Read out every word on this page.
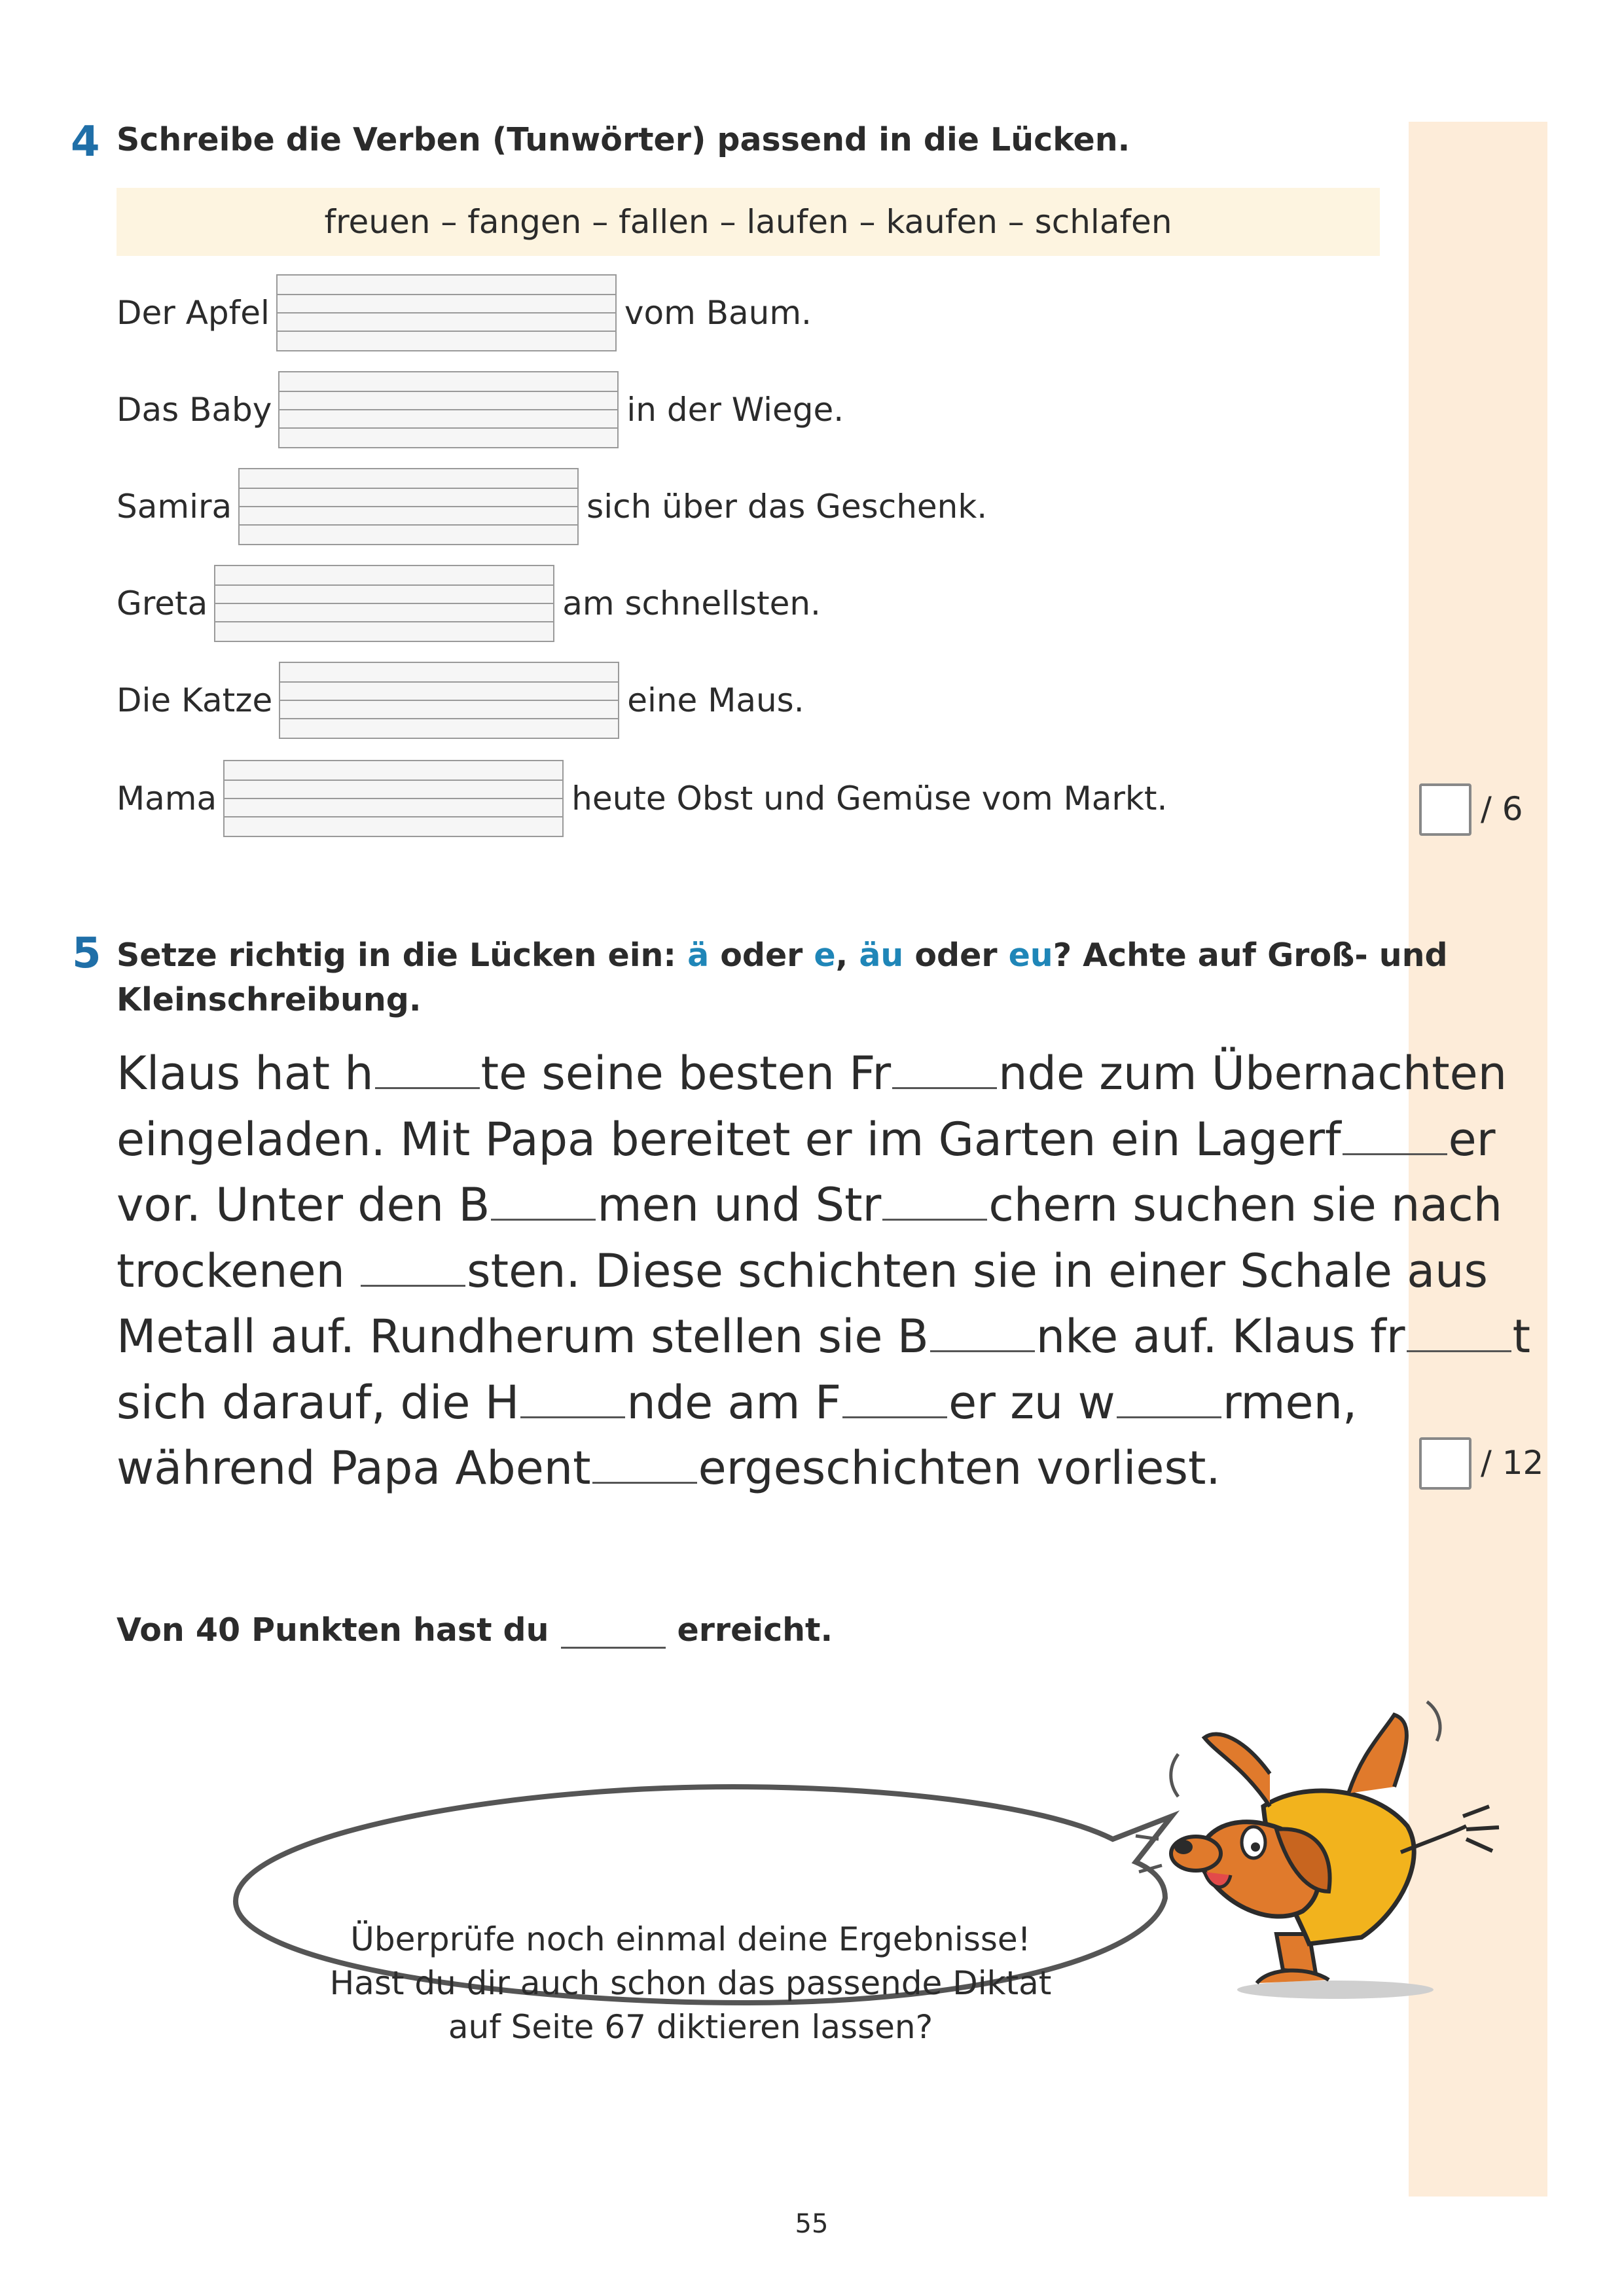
4 Schreibe die Verben (Tunwörter) passend in die Lücken.
freuen – fangen – fallen – laufen – kaufen – schlafen
Der Apfel	vom Baum.
Das Baby	in der Wiege.
Samira	sich über das Geschenk.
Greta	am schnellsten.
Die Katze	eine Maus.
Mama	heute Obst und Gemüse vom Markt.	/ 6
5 Setze richtig in die Lücken ein: ä oder e, äu oder eu? Achte auf Groß- und
Kleinschreibung.
Klaus hat h te seine besten Fr nde zum Übernachten
eingeladen. Mit Papa bereitet er im Garten ein Lagerf er
vor. Unter den B men und Str chern suchen sie nach
trockenen sten. Diese schichten sie in einer Schale aus
Metall auf. Rundherum stellen sie B nke auf. Klaus fr t
sich darauf, die H nde am F er zu w rmen,
während Papa Abent ergeschichten vorliest.	/ 12
Von 40 Punkten hast du	erreicht.
Überprüfe noch einmal deine Ergebnisse!
Hast du dir auch schon das passende Diktat
auf Seite 67 diktieren lassen?
55
